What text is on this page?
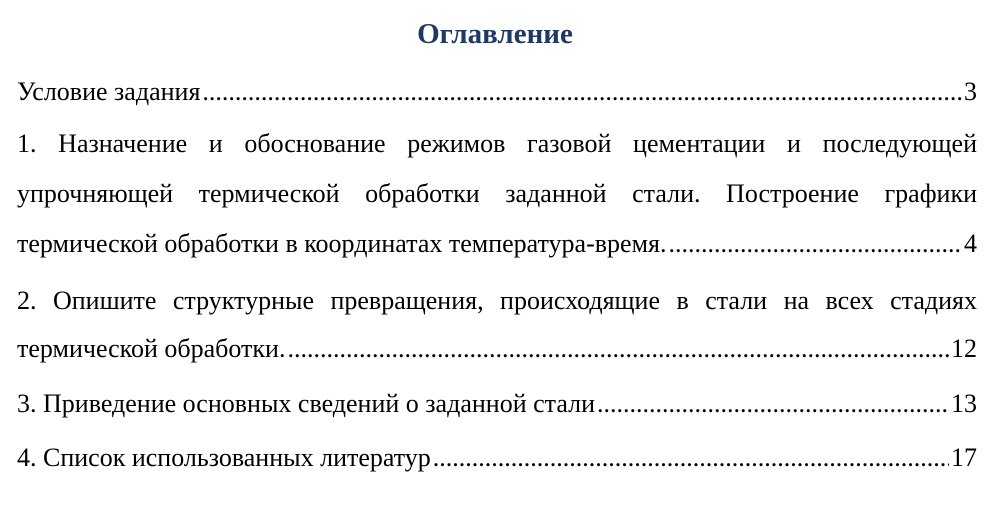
Оглавление
Условие задания .....	3
1. Назначение и обоснование режимов газовой цементации и последующей
упрочняющей термической обработки заданной стали. Построение графики
термической обработки в координатах температура-время. .....	4
2. Опишите структурные превращения, происходящие в стали на всех стадиях
термической обработки. .....	12
3. Приведение основных сведений о заданной стали .....	13
4. Список использованных литератур .....	17
